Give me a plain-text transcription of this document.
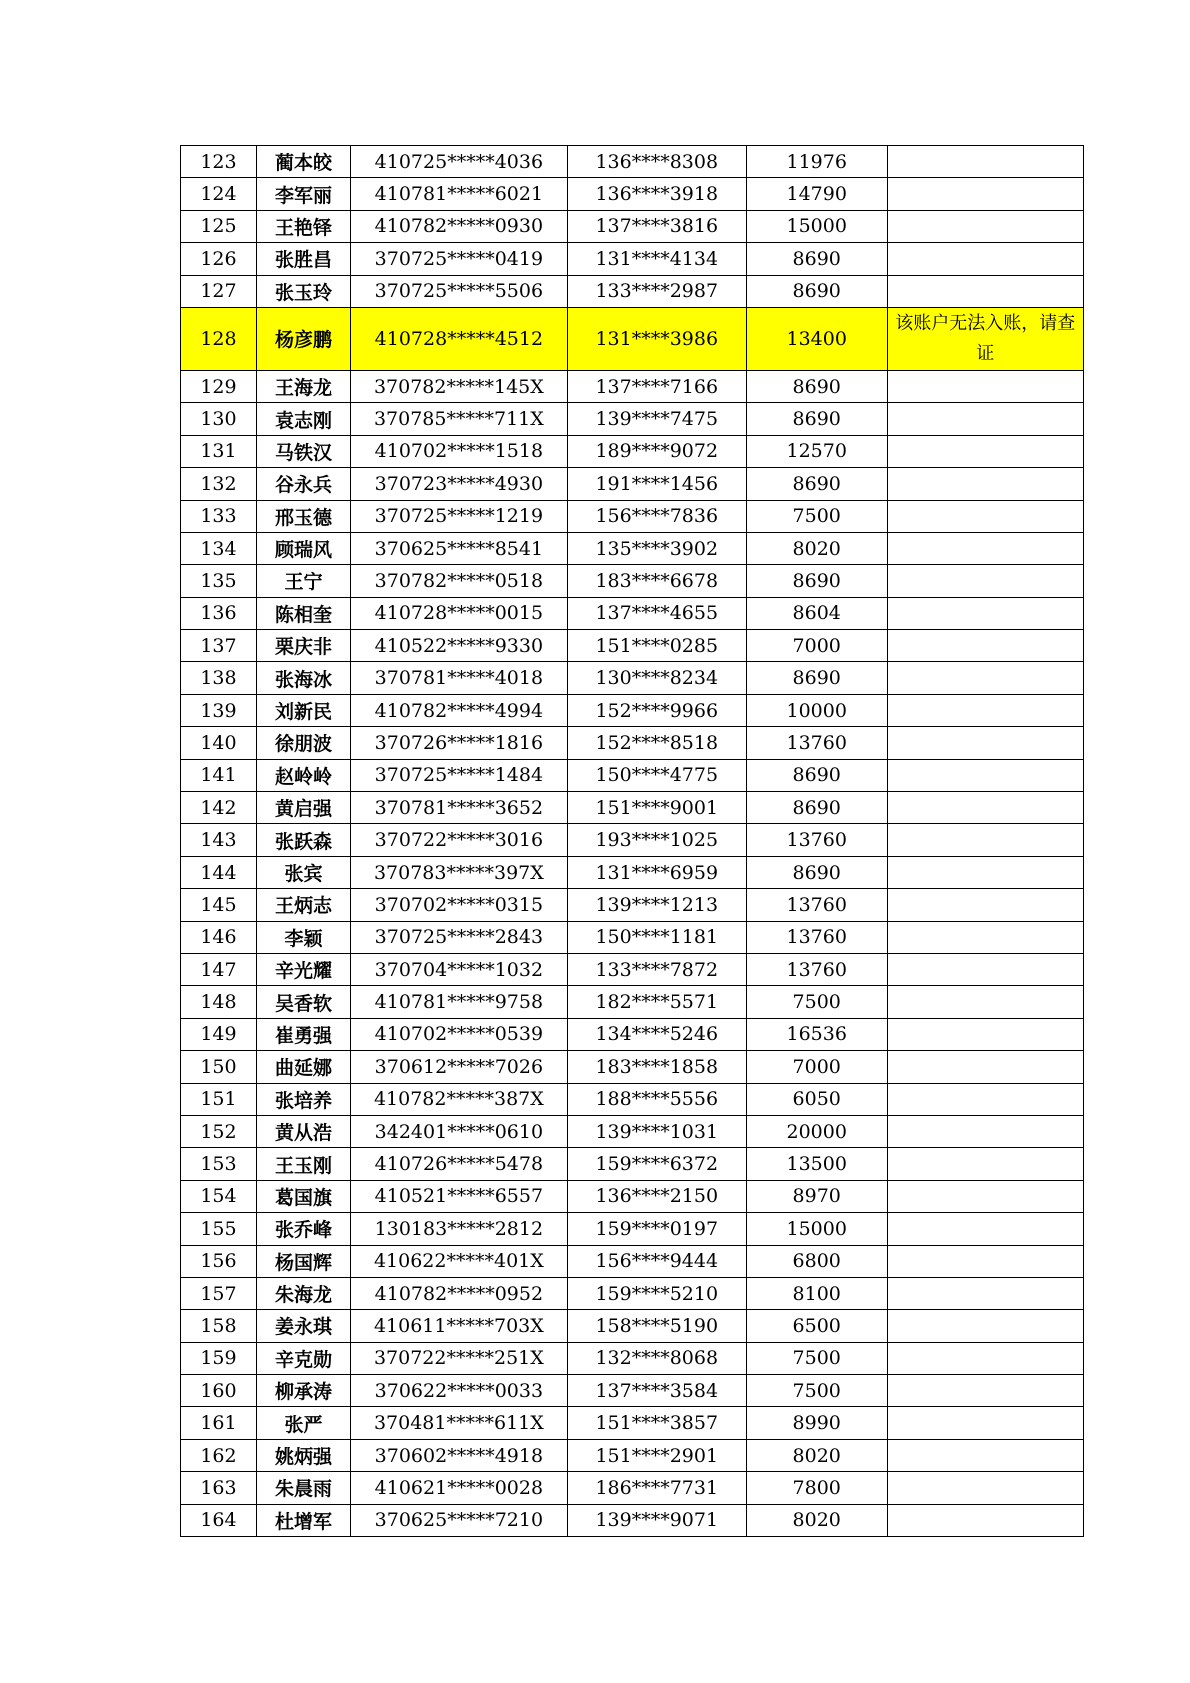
123	蔺本皎	410725*****4036	136****8308	11976	
124	李军丽	410781*****6021	136****3918	14790	
125	王艳铎	410782*****0930	137****3816	15000	
126	张胜昌	370725*****0419	131****4134	8690	
127	张玉玲	370725*****5506	133****2987	8690	
128	杨彦鹏	410728*****4512	131****3986	13400	该账户无法入账，请查证
129	王海龙	370782*****145X	137****7166	8690	
130	袁志刚	370785*****711X	139****7475	8690	
131	马铁汉	410702*****1518	189****9072	12570	
132	谷永兵	370723*****4930	191****1456	8690	
133	邢玉德	370725*****1219	156****7836	7500	
134	顾瑞风	370625*****8541	135****3902	8020	
135	王宁	370782*****0518	183****6678	8690	
136	陈相奎	410728*****0015	137****4655	8604	
137	栗庆非	410522*****9330	151****0285	7000	
138	张海冰	370781*****4018	130****8234	8690	
139	刘新民	410782*****4994	152****9966	10000	
140	徐朋波	370726*****1816	152****8518	13760	
141	赵岭岭	370725*****1484	150****4775	8690	
142	黄启强	370781*****3652	151****9001	8690	
143	张跃森	370722*****3016	193****1025	13760	
144	张宾	370783*****397X	131****6959	8690	
145	王炳志	370702*****0315	139****1213	13760	
146	李颖	370725*****2843	150****1181	13760	
147	辛光耀	370704*****1032	133****7872	13760	
148	吴香软	410781*****9758	182****5571	7500	
149	崔勇强	410702*****0539	134****5246	16536	
150	曲延娜	370612*****7026	183****1858	7000	
151	张培养	410782*****387X	188****5556	6050	
152	黄从浩	342401*****0610	139****1031	20000	
153	王玉刚	410726*****5478	159****6372	13500	
154	葛国旗	410521*****6557	136****2150	8970	
155	张乔峰	130183*****2812	159****0197	15000	
156	杨国辉	410622*****401X	156****9444	6800	
157	朱海龙	410782*****0952	159****5210	8100	
158	姜永琪	410611*****703X	158****5190	6500	
159	辛克勋	370722*****251X	132****8068	7500	
160	柳承涛	370622*****0033	137****3584	7500	
161	张严	370481*****611X	151****3857	8990	
162	姚炳强	370602*****4918	151****2901	8020	
163	朱晨雨	410621*****0028	186****7731	7800	
164	杜增军	370625*****7210	139****9071	8020	
